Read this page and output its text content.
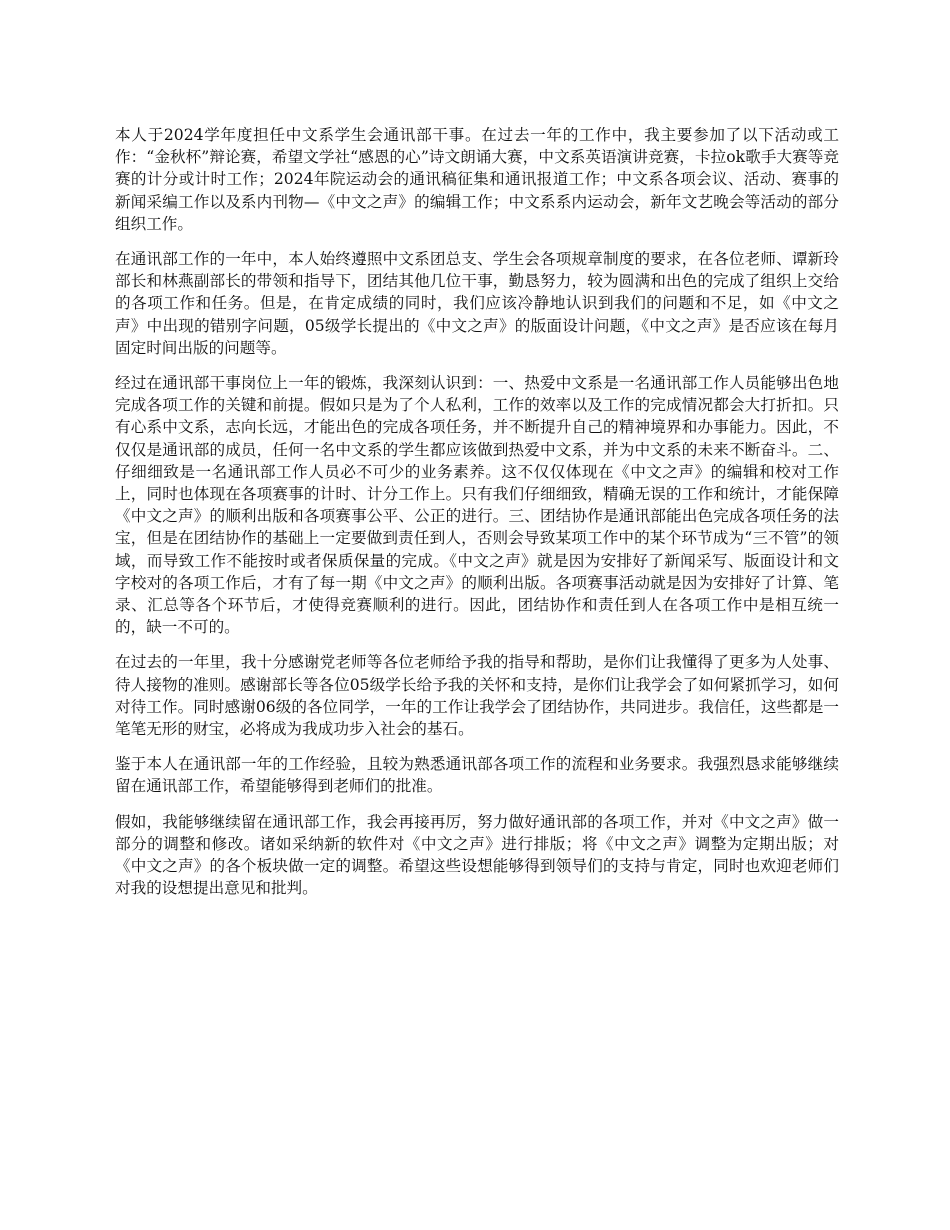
本人于2024学年度担任中文系学生会通讯部干事。在过去一年的工作中，我主要参加了以下活动或工作：“金秋杯”辩论赛，希望文学社“感恩的心”诗文朗诵大赛，中文系英语演讲竞赛，卡拉ok歌手大赛等竞赛的计分或计时工作；2024年院运动会的通讯稿征集和通讯报道工作；中文系各项会议、活动、赛事的新闻采编工作以及系内刊物—《中文之声》的编辑工作；中文系系内运动会，新年文艺晚会等活动的部分组织工作。

在通讯部工作的一年中，本人始终遵照中文系团总支、学生会各项规章制度的要求，在各位老师、谭新玲部长和林燕副部长的带领和指导下，团结其他几位干事，勤恳努力，较为圆满和出色的完成了组织上交给的各项工作和任务。但是，在肯定成绩的同时，我们应该冷静地认识到我们的问题和不足，如《中文之声》中出现的错别字问题，05级学长提出的《中文之声》的版面设计问题，《中文之声》是否应该在每月固定时间出版的问题等。

经过在通讯部干事岗位上一年的锻炼，我深刻认识到：一、热爱中文系是一名通讯部工作人员能够出色地完成各项工作的关键和前提。假如只是为了个人私利，工作的效率以及工作的完成情况都会大打折扣。只有心系中文系，志向长远，才能出色的完成各项任务，并不断提升自己的精神境界和办事能力。因此，不仅仅是通讯部的成员，任何一名中文系的学生都应该做到热爱中文系，并为中文系的未来不断奋斗。二、仔细细致是一名通讯部工作人员必不可少的业务素养。这不仅仅体现在《中文之声》的编辑和校对工作上，同时也体现在各项赛事的计时、计分工作上。只有我们仔细细致，精确无误的工作和统计，才能保障《中文之声》的顺利出版和各项赛事公平、公正的进行。三、团结协作是通讯部能出色完成各项任务的法宝，但是在团结协作的基础上一定要做到责任到人，否则会导致某项工作中的某个环节成为“三不管”的领域，而导致工作不能按时或者保质保量的完成。《中文之声》就是因为安排好了新闻采写、版面设计和文字校对的各项工作后，才有了每一期《中文之声》的顺利出版。各项赛事活动就是因为安排好了计算、笔录、汇总等各个环节后，才使得竞赛顺利的进行。因此，团结协作和责任到人在各项工作中是相互统一的，缺一不可的。

在过去的一年里，我十分感谢党老师等各位老师给予我的指导和帮助，是你们让我懂得了更多为人处事、待人接物的准则。感谢部长等各位05级学长给予我的关怀和支持，是你们让我学会了如何紧抓学习，如何对待工作。同时感谢06级的各位同学，一年的工作让我学会了团结协作，共同进步。我信任，这些都是一笔笔无形的财宝，必将成为我成功步入社会的基石。

鉴于本人在通讯部一年的工作经验，且较为熟悉通讯部各项工作的流程和业务要求。我强烈恳求能够继续留在通讯部工作，希望能够得到老师们的批准。

假如，我能够继续留在通讯部工作，我会再接再厉，努力做好通讯部的各项工作，并对《中文之声》做一部分的调整和修改。诸如采纳新的软件对《中文之声》进行排版；将《中文之声》调整为定期出版；对《中文之声》的各个板块做一定的调整。希望这些设想能够得到领导们的支持与肯定，同时也欢迎老师们对我的设想提出意见和批判。
